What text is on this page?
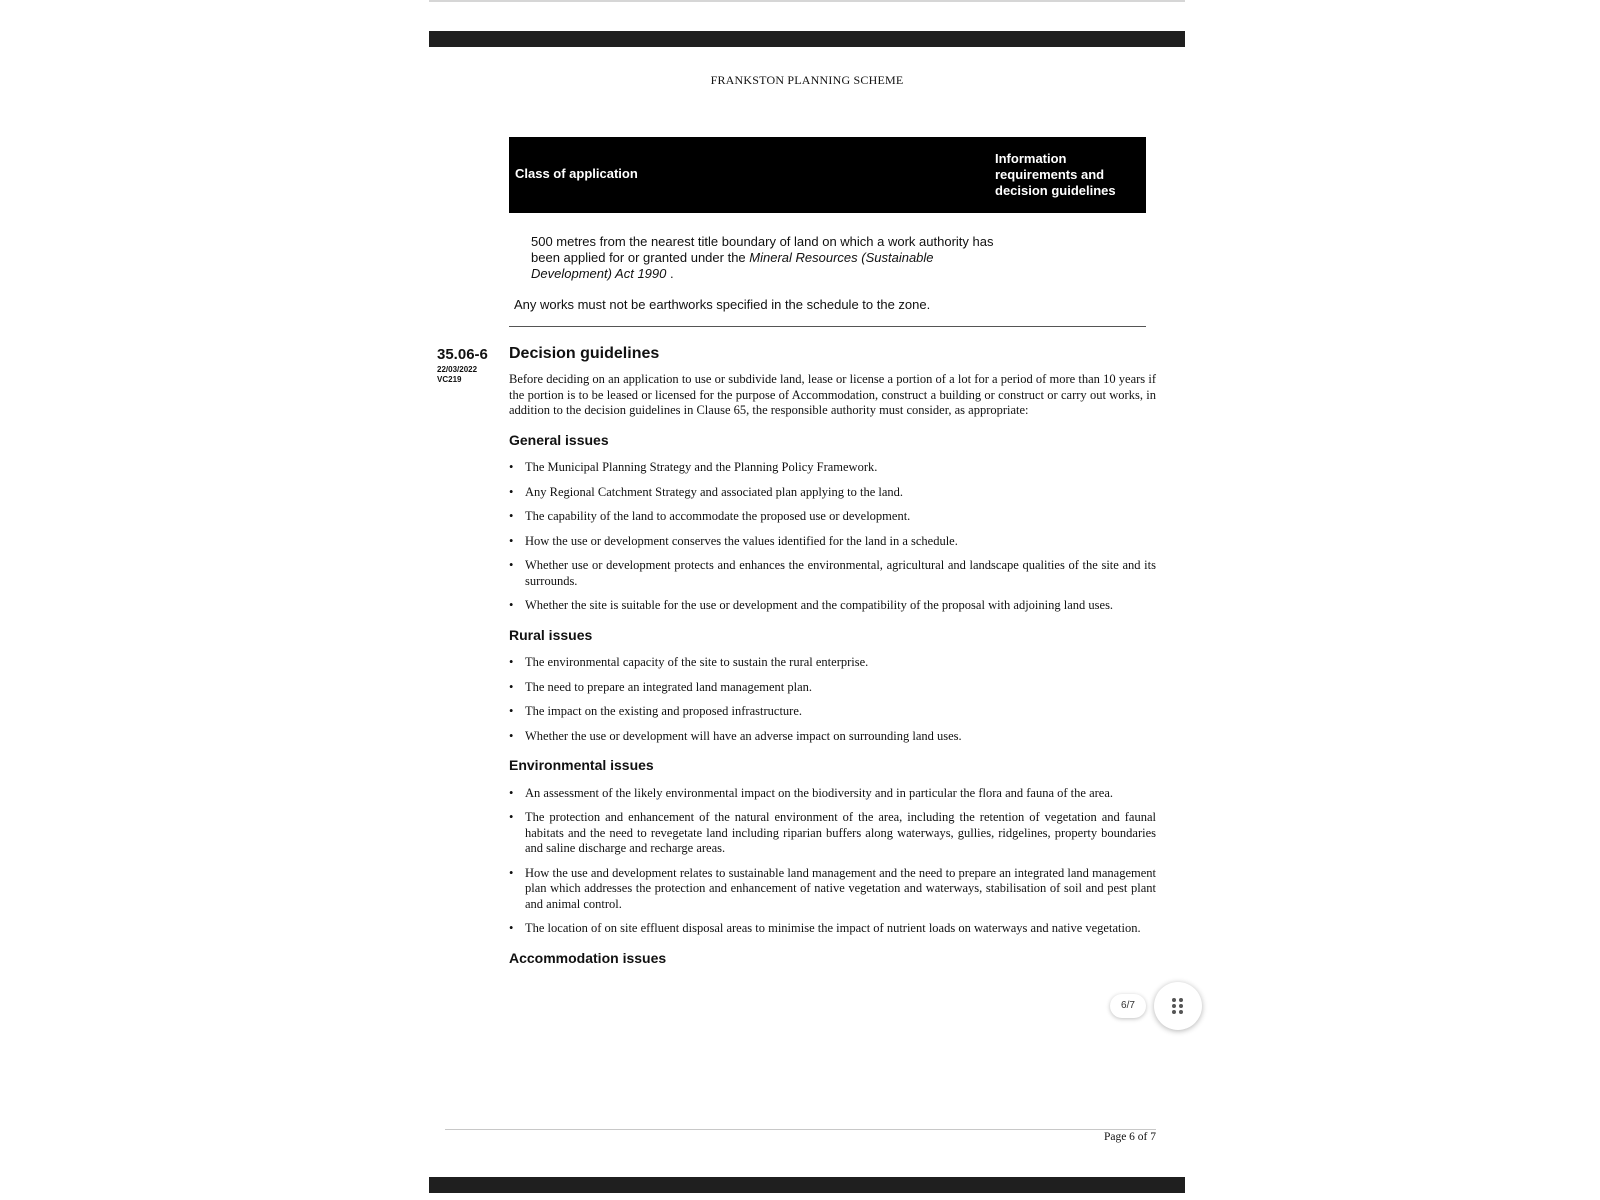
FRANKSTON PLANNING SCHEME
Class of application
Information requirements and decision guidelines
500 metres from the nearest title boundary of land on which a work authority has been applied for or granted under the Mineral Resources (Sustainable Development) Act 1990 .
Any works must not be earthworks specified in the schedule to the zone.
35.06-6
22/03/2022
VC219
Decision guidelines

Before deciding on an application to use or subdivide land, lease or license a portion of a lot for a period of more than 10 years if the portion is to be leased or licensed for the purpose of Accommodation, construct a building or construct or carry out works, in addition to the decision guidelines in Clause 65, the responsible authority must consider, as appropriate:

General issues
• The Municipal Planning Strategy and the Planning Policy Framework.
• Any Regional Catchment Strategy and associated plan applying to the land.
• The capability of the land to accommodate the proposed use or development.
• How the use or development conserves the values identified for the land in a schedule.
• Whether use or development protects and enhances the environmental, agricultural and landscape qualities of the site and its surrounds.
• Whether the site is suitable for the use or development and the compatibility of the proposal with adjoining land uses.
Rural issues
• The environmental capacity of the site to sustain the rural enterprise.
• The need to prepare an integrated land management plan.
• The impact on the existing and proposed infrastructure.
• Whether the use or development will have an adverse impact on surrounding land uses.
Environmental issues
• An assessment of the likely environmental impact on the biodiversity and in particular the flora and fauna of the area.
• The protection and enhancement of the natural environment of the area, including the retention of vegetation and faunal habitats and the need to revegetate land including riparian buffers along waterways, gullies, ridgelines, property boundaries and saline discharge and recharge areas.
• How the use and development relates to sustainable land management and the need to prepare an integrated land management plan which addresses the protection and enhancement of native vegetation and waterways, stabilisation of soil and pest plant and animal control.
• The location of on site effluent disposal areas to minimise the impact of nutrient loads on waterways and native vegetation.
Accommodation issues
Page 6 of 7
6/7
